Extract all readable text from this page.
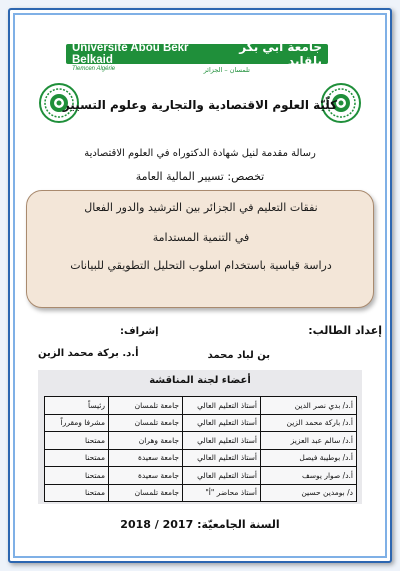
Université Abou Bekr Belkaid
جامعة أبي بكر بلقايد
Tlemcen Algérie	تلمسان – الجزائر
كلّيّة العلوم الاقتصادية والتجارية وعلوم التسيير
رسالة مقدمة لنيل شهادة الدكتوراه في العلوم الاقتصادية
تخصص: تسيير المالية العامة
نفقات التعليم في الجزائر بين الترشيد والدور الفعال
في التنمية المستدامة
دراسة قياسية باستخدام اسلوب التحليل التطويقي للبيانات
إعداد الطالب:
إشراف:
بن لباد محمد
أ.د. بركة محمد الزين
أعضاء لجنة المناقشة
أ.د/ بدي نصر الدين	أستاذ التعليم العالي	جامعة تلمسان	رئيساً
أ.د/ باركة محمد الزين	أستاذ التعليم العالي	جامعة تلمسان	مشرفا ومقرراً
أ.د/ سالم عبد العزيز	أستاذ التعليم العالي	جامعة وهران	ممتحنا
أ.د/ بوطيبة فيصل	أستاذ التعليم العالي	جامعة سعيدة	ممتحنا
أ.د/ صوار يوسف	أستاذ التعليم العالي	جامعة سعيدة	ممتحنا
د/ بومدين حسين	أستاذ محاضر "أ"	جامعة تلمسان	ممتحنا
السنة الجامعيّة: 2017 / 2018
